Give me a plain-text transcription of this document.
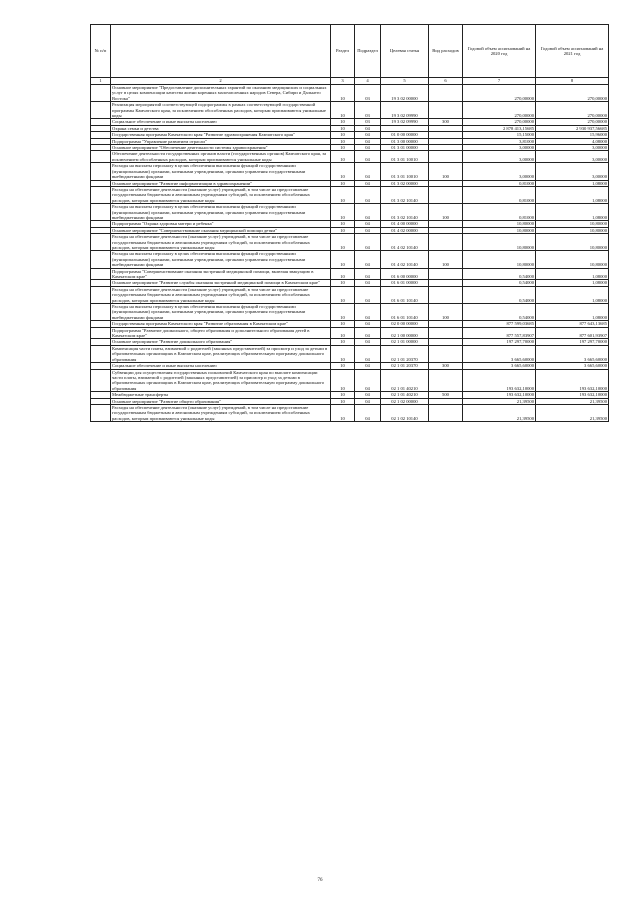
№ п/п		Раздел	Подраздел	Целевая статья	Вид расходов	Годовой объем ассигнований на 2020 год	Годовой объем ассигнований на 2021 год
1	2	3	4	5	6	7	8
	Основное мероприятие "Предоставление дополнительных гарантий по оказанию медицинских и социальных услуг в целях компенсации качества жизни коренных малочисленных народов Севера, Сибири и Дальнего Востока"	10	03	19 3 02 00000		270,00000	270,00000
	Реализация мероприятий соответствующей подпрограммы в рамках соответствующей государственной программы Камчатского края, за исключением обособленных расходов, которым присваиваются уникальные коды	10	03	19 3 02 09990		270,00000	270,00000
	Социальное обеспечение и иные выплаты населению	10	03	19 3 02 09990	300	270,00000	270,00000
	Охрана семьи и детства	10	04			2 878 413,15685	2 930 937,56685
	Государственная программа Камчатского края "Развитие здравоохранения Камчатского края"	10	04	01 0 00 00000		15,15000	15,96000
	Подпрограмма "Управление развитием отрасли"	10	04	01 3 00 00000		3,81000	4,08000
	Основное мероприятие "Обеспечение деятельности системы здравоохранения"	10	04	01 3 01 00000		3,00000	3,00000
	Обеспечение деятельности государственных органов власти (государственных органов) Камчатского края, за исключением обособленных расходов, которым присваиваются уникальные коды	10	04	01 3 01 10010		3,00000	3,00000
	Расходы на выплаты персоналу в целях обеспечения выполнения функций государственными (муниципальными) органами, казенными учреждениями, органами управления государственными внебюджетными фондами	10	04	01 3 01 10010	100	3,00000	3,00000
	Основное мероприятие "Развитие информатизации в здравоохранении"	10	04	01 3 02 00000		0,81000	1,08000
	Расходы на обеспечение деятельности (оказание услуг) учреждений, в том числе на предоставление государственным бюджетным и автономным учреждениям субсидий, за исключением обособленных расходов, которым присваиваются уникальные коды	10	04	01 3 02 10140		0,81000	1,08000
	Расходы на выплаты персоналу в целях обеспечения выполнения функций государственными (муниципальными) органами, казенными учреждениями, органами управления государственными внебюджетными фондами	10	04	01 3 02 10140	100	0,81000	1,08000
	Подпрограмма "Охрана здоровья матери и ребенка"	10	04	01 4 00 00000		10,80000	10,80000
	Основное мероприятие "Совершенствование оказания медицинской помощи детям"	10	04	01 4 02 00000		10,80000	10,80000
	Расходы на обеспечение деятельности (оказание услуг) учреждений, в том числе на предоставление государственным бюджетным и автономным учреждениям субсидий, за исключением обособленных расходов, которым присваиваются уникальные коды	10	04	01 4 02 10140		10,80000	10,80000
	Расходы на выплаты персоналу в целях обеспечения выполнения функций государственными (муниципальными) органами, казенными учреждениями, органами управления государственными внебюджетными фондами	10	04	01 4 02 10140	100	10,80000	10,80000
	Подпрограмма "Совершенствование оказания экстренной медицинской помощи, включая эвакуацию в Камчатском крае"	10	04	01 6 00 00000		0,54000	1,08000
	Основное мероприятие "Развитие службы оказания экстренной медицинской помощи в Камчатском крае"	10	04	01 6 01 00000		0,54000	1,08000
	Расходы на обеспечение деятельности (оказание услуг) учреждений, в том числе на предоставление государственным бюджетным и автономным учреждениям субсидий, за исключением обособленных расходов, которым присваиваются уникальные коды	10	04	01 6 01 10140		0,54000	1,08000
	Расходы на выплаты персоналу в целях обеспечения выполнения функций государственными (муниципальными) органами, казенными учреждениями, органами управления государственными внебюджетными фондами	10	04	01 6 01 10140	100	0,54000	1,08000
	Государственная программа Камчатского края "Развитие образования в Камчатском крае"	10	04	02 0 00 00000		877 599,03685	877 643,13685
	Подпрограмма "Развитие дошкольного, общего образования и дополнительного образования детей в Камчатском крае"	10	04	02 1 00 00000		877 557,83907	877 601,93907
	Основное мероприятие "Развитие дошкольного образования"	10	04	02 1 01 00000		197 297,70000	197 297,70000
	Компенсация части платы, взимаемой с родителей (законных представителей) за присмотр и уход за детьми в образовательных организациях в Камчатском крае, реализующих образовательную программу дошкольного образования	10	04	02 1 01 20370		3 665,60000	3 665,60000
	Социальное обеспечение и иные выплаты населению	10	04	02 1 01 20370	300	3 665,60000	3 665,60000
	Субвенции для осуществления государственных полномочий Камчатского края по выплате компенсации части платы, взимаемой с родителей (законных представителей) за присмотр и уход за детьми в образовательных организациях в Камчатском крае, реализующих образовательную программу дошкольного образования	10	04	02 1 01 40210		193 632,10000	193 632,10000
	Межбюджетные трансферты	10	04	02 1 01 40210	500	193 632,10000	193 632,10000
	Основное мероприятие "Развитие общего образования"	10	04	02 1 02 00000		21,39500	21,39500
	Расходы на обеспечение деятельности (оказание услуг) учреждений, в том числе на предоставление государственным бюджетным и автономным учреждениям субсидий, за исключением обособленных расходов, которым присваиваются уникальные коды	10	04	02 1 02 10140		21,39500	21,39500
76
